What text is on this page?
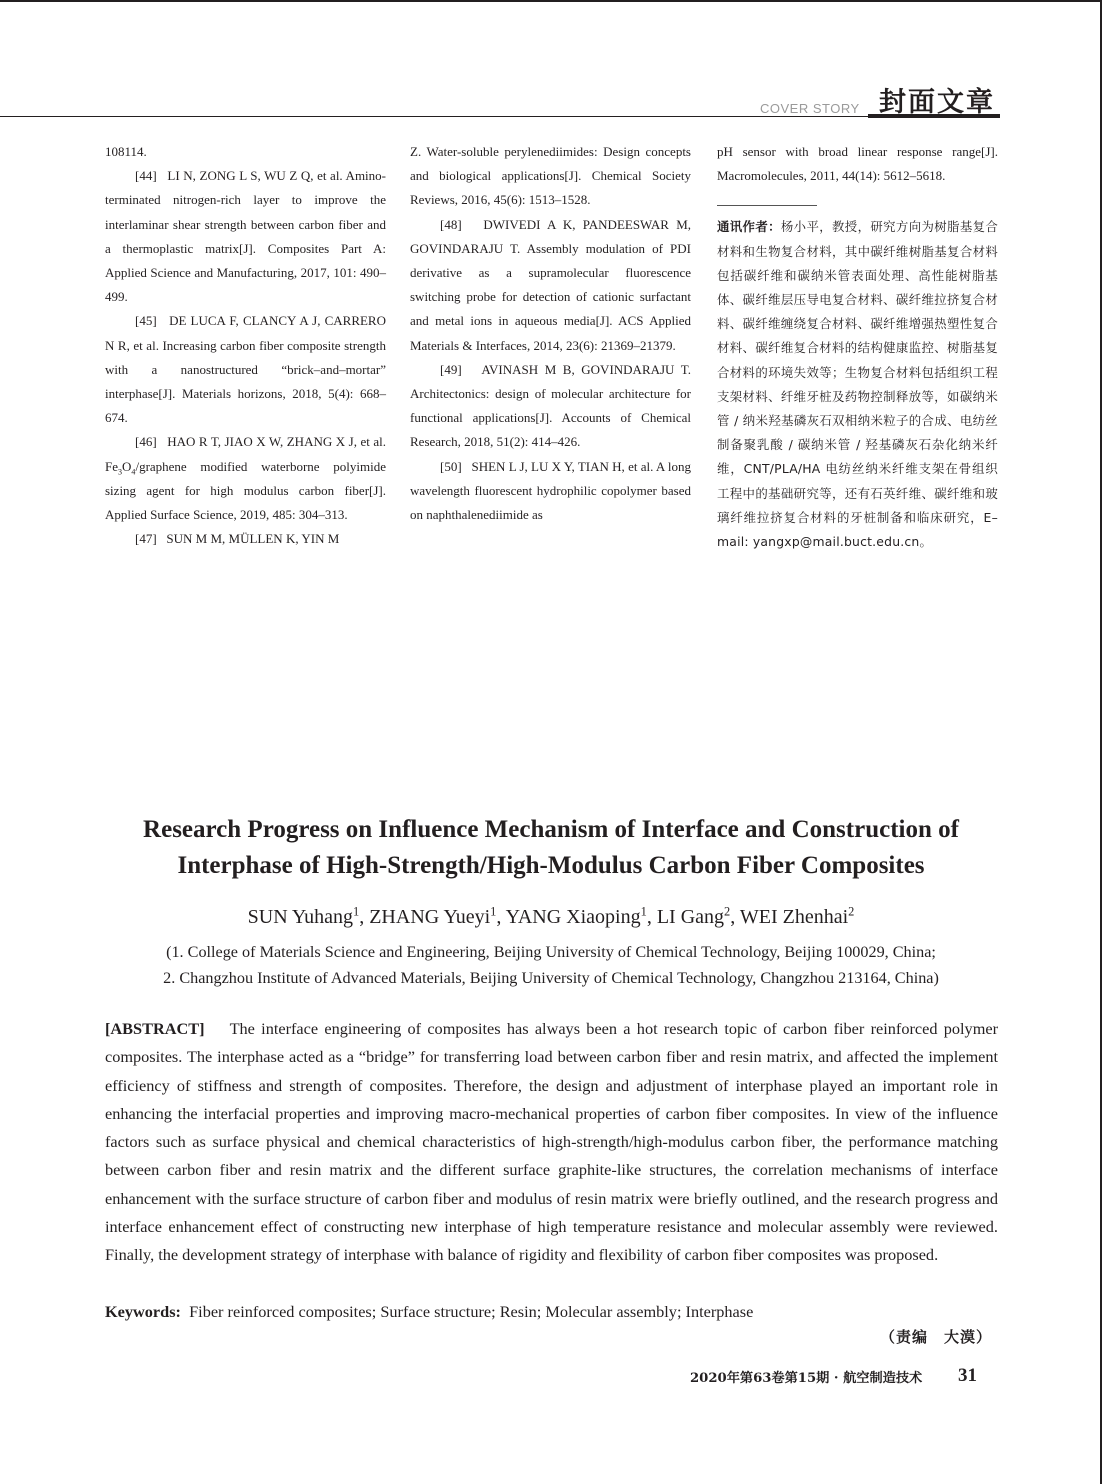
COVER STORY 封面文章

108114.

[44]   LI N, ZONG L S, WU Z Q, et al. Amino-terminated nitrogen-rich layer to improve the interlaminar shear strength between carbon fiber and a thermoplastic matrix[J]. Composites Part A: Applied Science and Manufacturing, 2017, 101: 490–499.

[45]   DE LUCA F, CLANCY A J, CARRERO N R, et al. Increasing carbon fiber composite strength with a nanostructured “brick–and–mortar” interphase[J]. Materials horizons, 2018, 5(4): 668–674.

[46]   HAO R T, JIAO X W, ZHANG X J, et al. $Fe_3O_4$/graphene modified waterborne polyimide sizing agent for high modulus carbon fiber[J]. Applied Surface Science, 2019, 485: 304–313.

[47]   SUN M M, MÜLLEN K, YIN M

Z. Water-soluble perylenediimides: Design concepts and biological applications[J]. Chemical Society Reviews, 2016, 45(6): 1513–1528.

[48]   DWIVEDI A K, PANDEESWAR M, GOVINDARAJU T. Assembly modulation of PDI derivative as a supramolecular fluorescence switching probe for detection of cationic surfactant and metal ions in aqueous media[J]. ACS Applied Materials & Interfaces, 2014, 23(6): 21369–21379.

[49]   AVINASH M B, GOVINDARAJU T. Architectonics: design of molecular architecture for functional applications[J]. Accounts of Chemical Research, 2018, 51(2): 414–426.

[50]   SHEN L J, LU X Y, TIAN H, et al. A long wavelength fluorescent hydrophilic copolymer based on naphthalenediimide as

pH sensor with broad linear response range[J]. Macromolecules, 2011, 44(14): 5612–5618.

通讯作者：杨小平，教授，研究方向为树脂基复合材料和生物复合材料，其中碳纤维树脂基复合材料包括碳纤维和碳纳米管表面处理、高性能树脂基体、碳纤维层压导电复合材料、碳纤维拉挤复合材料、碳纤维缠绕复合材料、碳纤维增强热塑性复合材料、碳纤维复合材料的结构健康监控、树脂基复合材料的环境失效等；生物复合材料包括组织工程支架材料、纤维牙桩及药物控制释放等，如碳纳米管 / 纳米羟基磷灰石双相纳米粒子的合成、电纺丝制备聚乳酸 / 碳纳米管 / 羟基磷灰石杂化纳米纤维，CNT/PLA/HA 电纺丝纳米纤维支架在骨组织工程中的基础研究等，还有石英纤维、碳纤维和玻璃纤维拉挤复合材料的牙桩制备和临床研究，E–mail: yangxp@mail.buct.edu.cn。

Research Progress on Influence Mechanism of Interface and Construction of
Interphase of High-Strength/High-Modulus Carbon Fiber Composites
SUN Yuhang$^1$, ZHANG Yueyi$^1$, YANG Xiaoping$^1$, LI Gang$^2$, WEI Zhenhai$^2$
(1. College of Materials Science and Engineering, Beijing University of Chemical Technology, Beijing 100029, China;
2. Changzhou Institute of Advanced Materials, Beijing University of Chemical Technology, Changzhou 213164, China)
[ABSTRACT] The interface engineering of composites has always been a hot research topic of carbon fiber reinforced polymer composites. The interphase acted as a “bridge” for transferring load between carbon fiber and resin matrix, and affected the implement efficiency of stiffness and strength of composites. Therefore, the design and adjustment of interphase played an important role in enhancing the interfacial properties and improving macro-mechanical properties of carbon fiber composites. In view of the influence factors such as surface physical and chemical characteristics of high-strength/high-modulus carbon fiber, the performance matching between carbon fiber and resin matrix and the different surface graphite-like structures, the correlation mechanisms of interface enhancement with the surface structure of carbon fiber and modulus of resin matrix were briefly outlined, and the research progress and interface enhancement effect of constructing new interphase of high temperature resistance and molecular assembly were reviewed. Finally, the development strategy of interphase with balance of rigidity and flexibility of carbon fiber composites was proposed.
Keywords: Fiber reinforced composites; Surface structure; Resin; Molecular assembly; Interphase
（责编　大漠）
2020年第63卷第15期 · 航空制造技术 31
